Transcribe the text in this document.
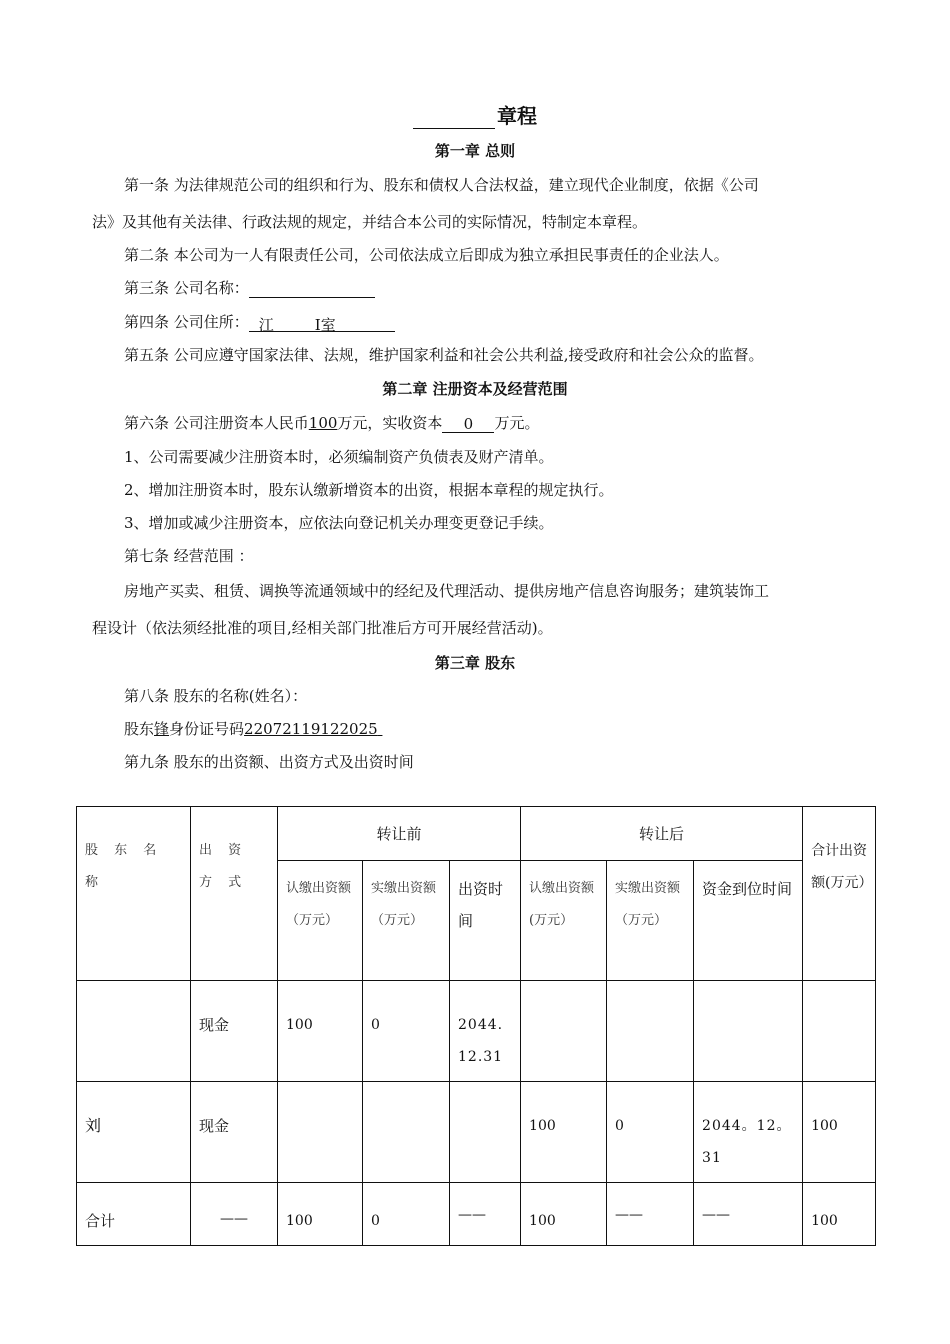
章程
第一章 总则
第一条 为法律规范公司的组织和行为、股东和债权人合法权益，建立现代企业制度，依据《公司
法》及其他有关法律、行政法规的规定，并结合本公司的实际情况，特制定本章程。
第二条 本公司为一人有限责任公司，公司依法成立后即成为独立承担民事责任的企业法人。
第三条 公司名称：
第四条 公司住所： 江	I室
第五条 公司应遵守国家法律、法规，维护国家利益和社会公共利益,接受政府和社会公众的监督。
第二章 注册资本及经营范围
第六条 公司注册资本人民币100万元，实收资本 0 万元。
1、公司需要减少注册资本时，必须编制资产负债表及财产清单。
2、增加注册资本时，股东认缴新增资本的出资，根据本章程的规定执行。
3、增加或减少注册资本，应依法向登记机关办理变更登记手续。
第七条 经营范围 ：
房地产买卖、租赁、调换等流通领域中的经纪及代理活动、提供房地产信息咨询服务；建筑装饰工
程设计（依法须经批准的项目,经相关部门批准后方可开展经营活动)。
第三章 股东
第八条 股东的名称(姓名）：
股东锋身份证号码22072119122025
第九条 股东的出资额、出资方式及出资时间
股 东 名 称	出 资 方 式	转让前			转让后			合计出资额(万元）

		认缴出资额（万元）	实缴出资额（万元）	出资时间	认缴出资额(万元）	实缴出资额（万元）	资金到位时间	

	现金	100	0	2044.12.31				

刘	现金				100	0	2044。12。31	100

合计	——	100	0	——	100	——	——	100
